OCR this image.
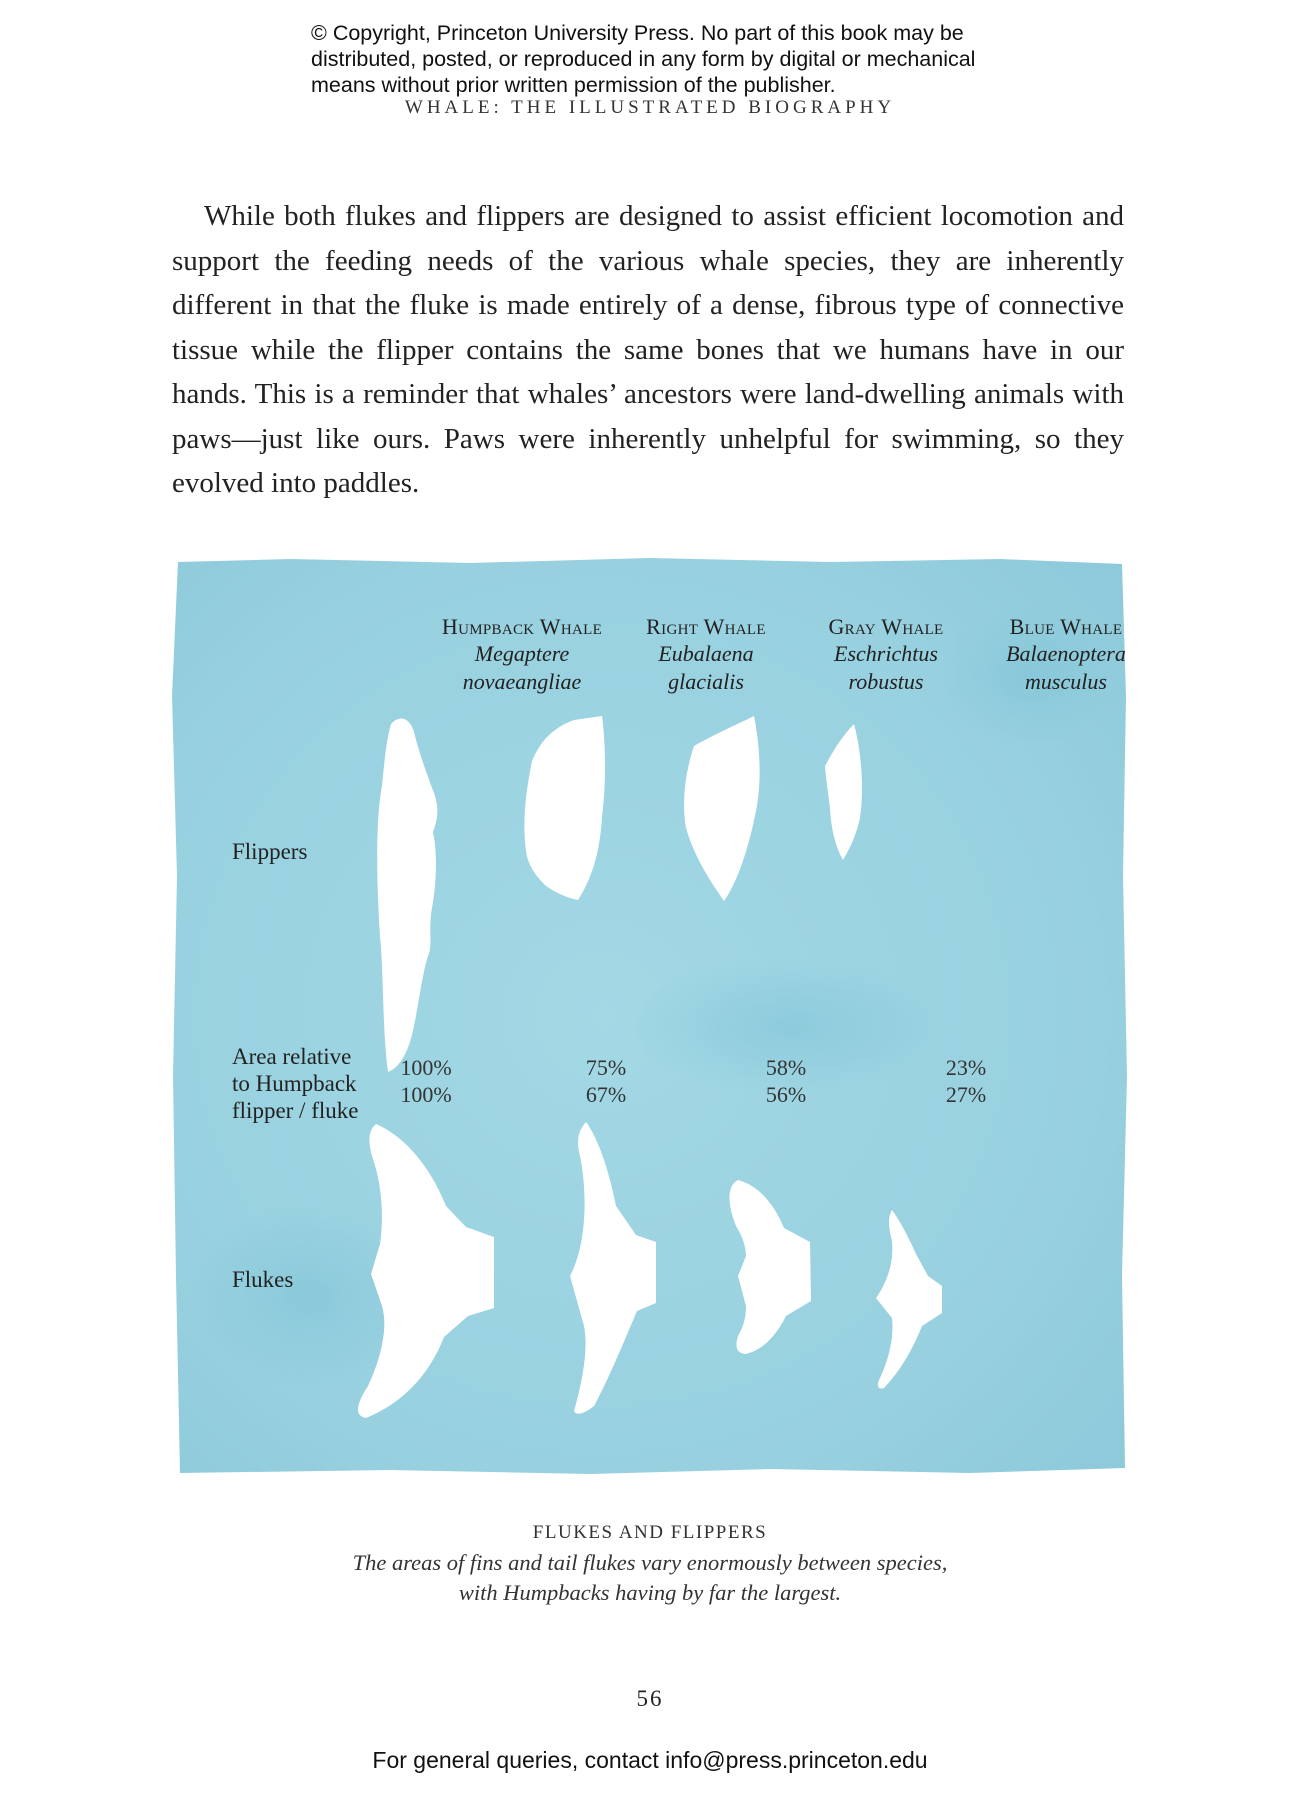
© Copyright, Princeton University Press. No part of this book may be
distributed, posted, or reproduced in any form by digital or mechanical
means without prior written permission of the publisher.
WHALE: THE ILLUSTRATED BIOGRAPHY

While both flukes and flippers are designed to assist efficient locomotion and support the feeding needs of the various whale species, they are inherently different in that the fluke is made entirely of a dense, fibrous type of connective tissue while the flipper contains the same bones that we humans have in our hands. This is a reminder that whales’ ancestors were land-dwelling animals with paws—just like ours. Paws were inherently unhelpful for swimming, so they evolved into paddles.

Humpback Whale
Megaptere
novaeangliae
Right Whale
Eubalaena
glacialis
Gray Whale
Eschrichtus
robustus
Blue Whale
Balaenoptera
musculus
Flippers
Area relative
to Humpback
flipper / fluke
Flukes
100%
100%
75%
67%
58%
56%
23%
27%
FLUKES AND FLIPPERS
The areas of fins and tail flukes vary enormously between species,
with Humpbacks having by far the largest.
56
For general queries, contact info@press.princeton.edu
